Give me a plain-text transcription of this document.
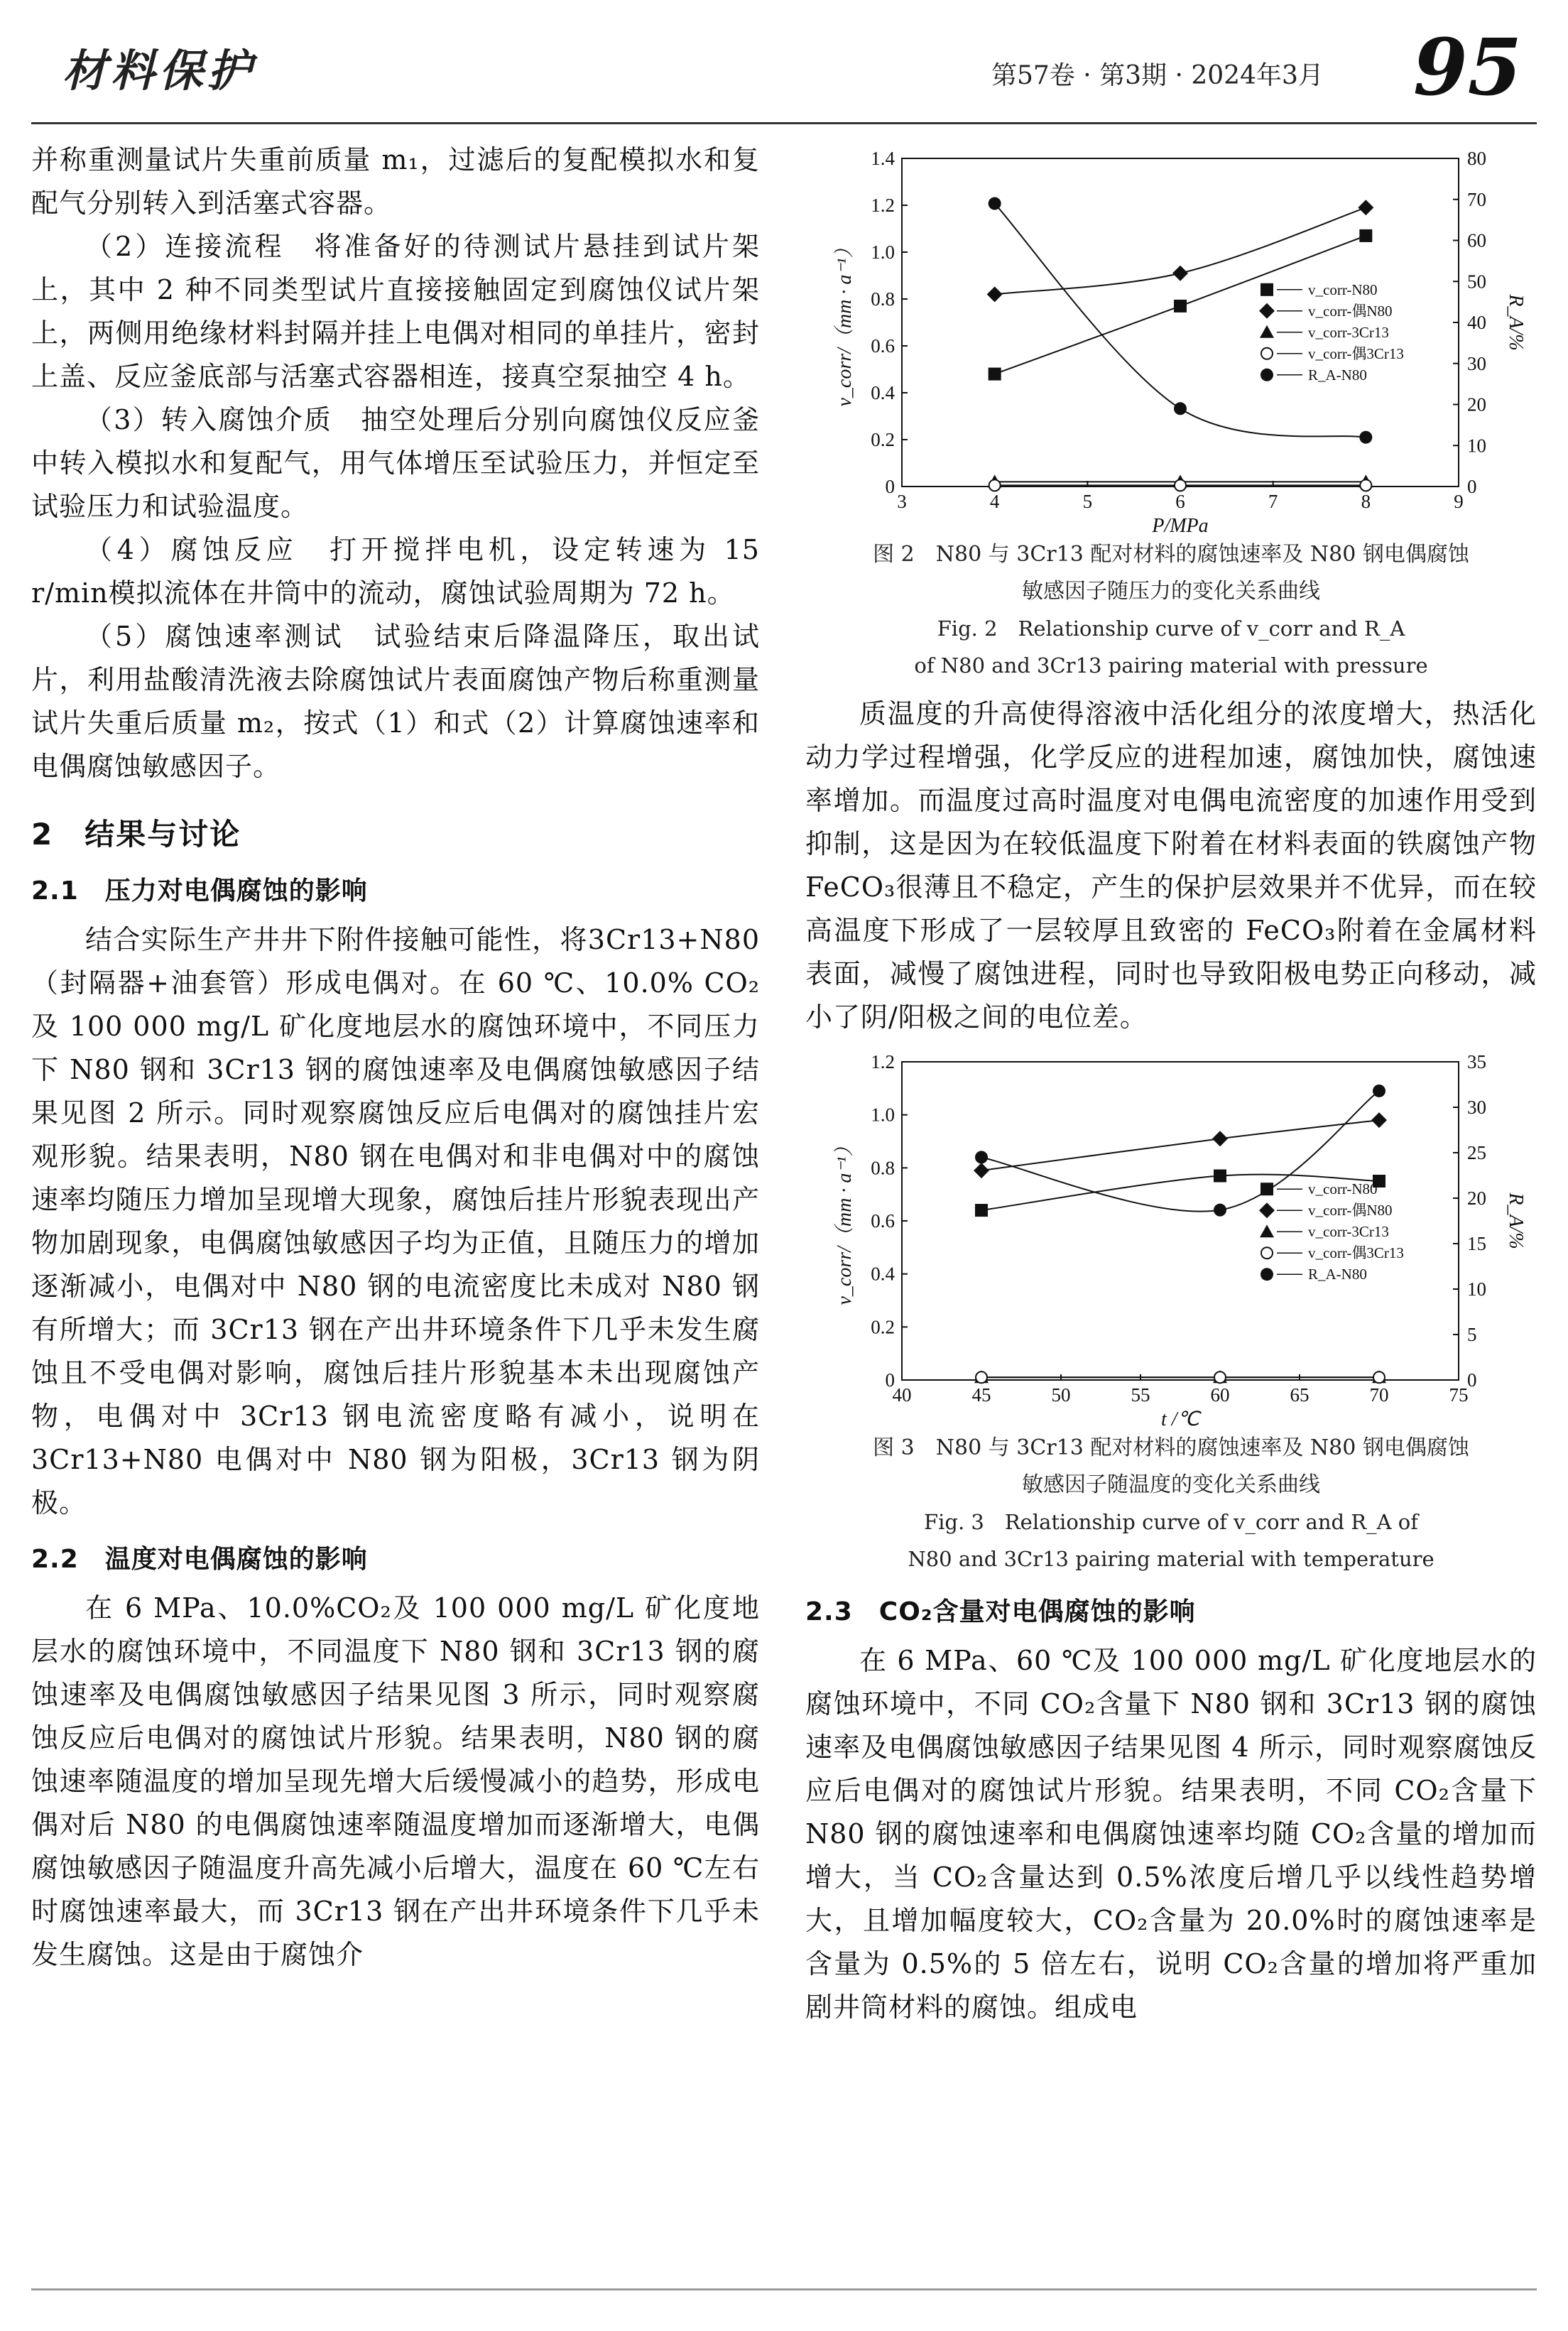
材料保护	第57卷 · 第3期 · 2024年3月 95

并称重测量试片失重前质量 m₁，过滤后的复配模拟水和复配气分别转入到活塞式容器。

（2）连接流程　将准备好的待测试片悬挂到试片架上，其中 2 种不同类型试片直接接触固定到腐蚀仪试片架上，两侧用绝缘材料封隔并挂上电偶对相同的单挂片，密封上盖、反应釜底部与活塞式容器相连，接真空泵抽空 4 h。

（3）转入腐蚀介质　抽空处理后分别向腐蚀仪反应釜中转入模拟水和复配气，用气体增压至试验压力，并恒定至试验压力和试验温度。

（4）腐蚀反应　打开搅拌电机，设定转速为 15 r/min模拟流体在井筒中的流动，腐蚀试验周期为 72 h。

（5）腐蚀速率测试　试验结束后降温降压，取出试片，利用盐酸清洗液去除腐蚀试片表面腐蚀产物后称重测量试片失重后质量 m₂，按式（1）和式（2）计算腐蚀速率和电偶腐蚀敏感因子。

2　结果与讨论
2.1　压力对电偶腐蚀的影响

结合实际生产井井下附件接触可能性，将3Cr13+N80（封隔器+油套管）形成电偶对。在 60 ℃、10.0% CO₂及 100 000 mg/L 矿化度地层水的腐蚀环境中，不同压力下 N80 钢和 3Cr13 钢的腐蚀速率及电偶腐蚀敏感因子结果见图 2 所示。同时观察腐蚀反应后电偶对的腐蚀挂片宏观形貌。结果表明，N80 钢在电偶对和非电偶对中的腐蚀速率均随压力增加呈现增大现象，腐蚀后挂片形貌表现出产物加剧现象，电偶腐蚀敏感因子均为正值，且随压力的增加逐渐减小，电偶对中 N80 钢的电流密度比未成对 N80 钢有所增大；而 3Cr13 钢在产出井环境条件下几乎未发生腐蚀且不受电偶对影响，腐蚀后挂片形貌基本未出现腐蚀产物，电偶对中 3Cr13 钢电流密度略有减小，说明在 3Cr13+N80 电偶对中 N80 钢为阳极，3Cr13 钢为阴极。

2.2　温度对电偶腐蚀的影响

在 6 MPa、10.0%CO₂及 100 000 mg/L 矿化度地层水的腐蚀环境中，不同温度下 N80 钢和 3Cr13 钢的腐蚀速率及电偶腐蚀敏感因子结果见图 3 所示，同时观察腐蚀反应后电偶对的腐蚀试片形貌。结果表明，N80 钢的腐蚀速率随温度的增加呈现先增大后缓慢减小的趋势，形成电偶对后 N80 的电偶腐蚀速率随温度增加而逐渐增大，电偶腐蚀敏感因子随温度升高先减小后增大，温度在 60 ℃左右时腐蚀速率最大，而 3Cr13 钢在产出井环境条件下几乎未发生腐蚀。这是由于腐蚀介

3	4	5	6	7	8	9
0
0.2
0.4
0.6
0.8
1.0
1.2
1.4
0
10
20
30
40
50
60
70
80
P/MPa
v_corr/（mm · a⁻¹）	R_A/%
v_corr-N80
v_corr-偶N80
v_corr-3Cr13
v_corr-偶3Cr13
R_A-N80
图 2　N80 与 3Cr13 配对材料的腐蚀速率及 N80 钢电偶腐蚀
敏感因子随压力的变化关系曲线
Fig. 2　Relationship curve of v_corr and R_A
of N80 and 3Cr13 pairing material with pressure

质温度的升高使得溶液中活化组分的浓度增大，热活化动力学过程增强，化学反应的进程加速，腐蚀加快，腐蚀速率增加。而温度过高时温度对电偶电流密度的加速作用受到抑制，这是因为在较低温度下附着在材料表面的铁腐蚀产物 FeCO₃很薄且不稳定，产生的保护层效果并不优异，而在较高温度下形成了一层较厚且致密的 FeCO₃附着在金属材料表面，减慢了腐蚀进程，同时也导致阳极电势正向移动，减小了阴/阳极之间的电位差。

40	45	50	55	60	65	70	75
0
0.2
0.4
0.6
0.8
1.0
1.2
0
5
10
15
20
25
30
35
t /℃
v_corr/（mm · a⁻¹）	R_A/%
v_corr-N80
v_corr-偶N80
v_corr-3Cr13
v_corr-偶3Cr13
R_A-N80
图 3　N80 与 3Cr13 配对材料的腐蚀速率及 N80 钢电偶腐蚀
敏感因子随温度的变化关系曲线
Fig. 3　Relationship curve of v_corr and R_A of
N80 and 3Cr13 pairing material with temperature
2.3　CO₂含量对电偶腐蚀的影响

在 6 MPa、60 ℃及 100 000 mg/L 矿化度地层水的腐蚀环境中，不同 CO₂含量下 N80 钢和 3Cr13 钢的腐蚀速率及电偶腐蚀敏感因子结果见图 4 所示，同时观察腐蚀反应后电偶对的腐蚀试片形貌。结果表明，不同 CO₂含量下 N80 钢的腐蚀速率和电偶腐蚀速率均随 CO₂含量的增加而增大，当 CO₂含量达到 0.5%浓度后增几乎以线性趋势增大，且增加幅度较大，CO₂含量为 20.0%时的腐蚀速率是含量为 0.5%的 5 倍左右，说明 CO₂含量的增加将严重加剧井筒材料的腐蚀。组成电
